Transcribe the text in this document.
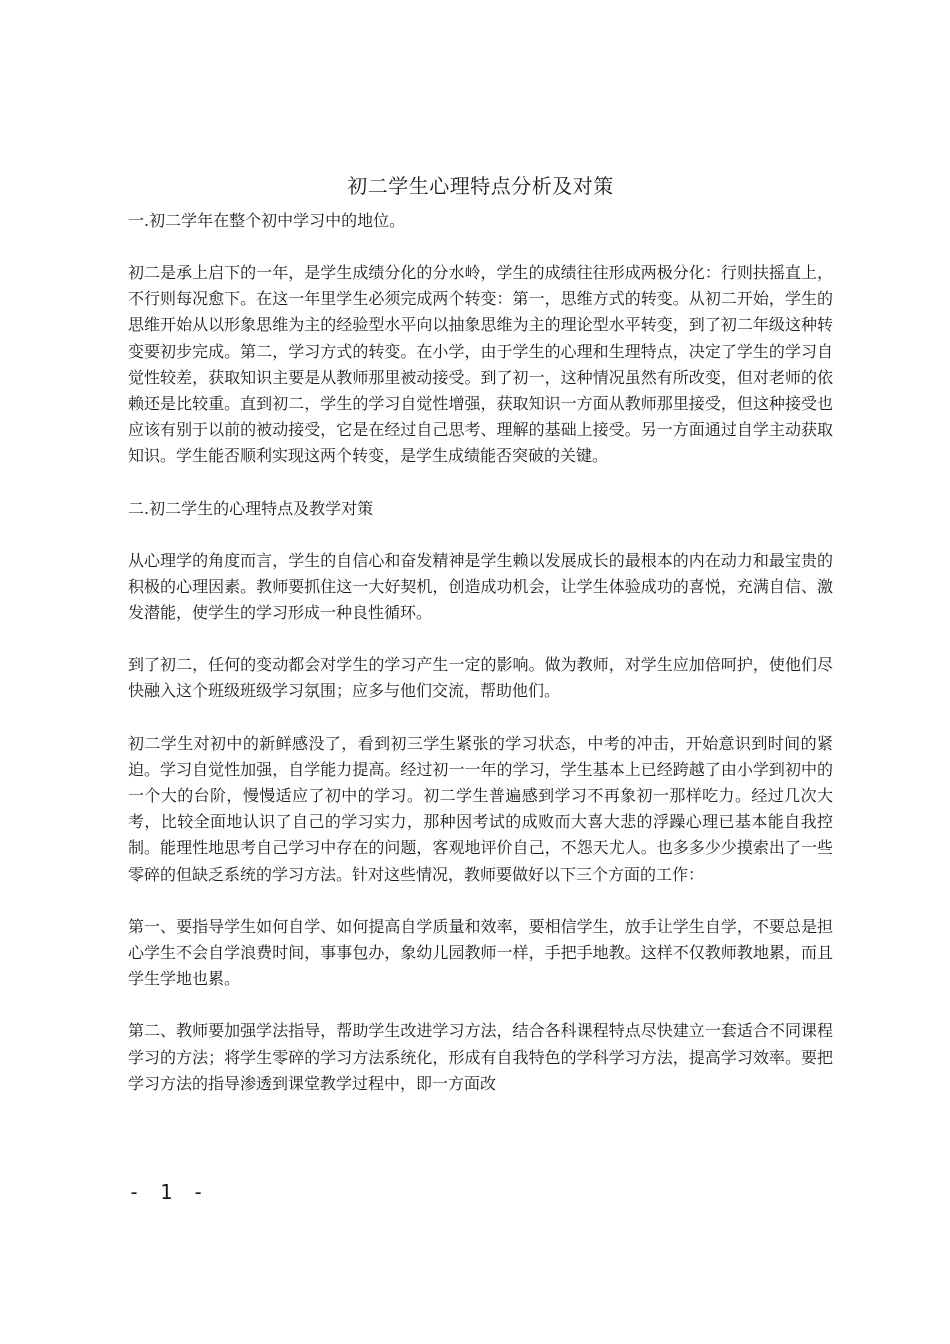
初二学生心理特点分析及对策

一.初二学年在整个初中学习中的地位。

初二是承上启下的一年，是学生成绩分化的分水岭，学生的成绩往往形成两极分化：行则扶摇直上，不行则每况愈下。在这一年里学生必须完成两个转变：第一，思维方式的转变。从初二开始，学生的思维开始从以形象思维为主的经验型水平向以抽象思维为主的理论型水平转变，到了初二年级这种转变要初步完成。第二，学习方式的转变。在小学，由于学生的心理和生理特点，决定了学生的学习自觉性较差，获取知识主要是从教师那里被动接受。到了初一，这种情况虽然有所改变，但对老师的依赖还是比较重。直到初二，学生的学习自觉性增强，获取知识一方面从教师那里接受，但这种接受也应该有别于以前的被动接受，它是在经过自己思考、理解的基础上接受。另一方面通过自学主动获取知识。学生能否顺利实现这两个转变，是学生成绩能否突破的关键。

二.初二学生的心理特点及教学对策

从心理学的角度而言，学生的自信心和奋发精神是学生赖以发展成长的最根本的内在动力和最宝贵的积极的心理因素。教师要抓住这一大好契机，创造成功机会，让学生体验成功的喜悦，充满自信、激发潜能，使学生的学习形成一种良性循环。

到了初二，任何的变动都会对学生的学习产生一定的影响。做为教师，对学生应加倍呵护，使他们尽快融入这个班级班级学习氛围；应多与他们交流，帮助他们。

初二学生对初中的新鲜感没了，看到初三学生紧张的学习状态，中考的冲击，开始意识到时间的紧迫。学习自觉性加强，自学能力提高。经过初一一年的学习，学生基本上已经跨越了由小学到初中的一个大的台阶，慢慢适应了初中的学习。初二学生普遍感到学习不再象初一那样吃力。经过几次大考，比较全面地认识了自己的学习实力，那种因考试的成败而大喜大悲的浮躁心理已基本能自我控制。能理性地思考自己学习中存在的问题，客观地评价自己，不怨天尤人。也多多少少摸索出了一些零碎的但缺乏系统的学习方法。针对这些情况，教师要做好以下三个方面的工作：

第一、要指导学生如何自学、如何提高自学质量和效率，要相信学生，放手让学生自学，不要总是担心学生不会自学浪费时间，事事包办，象幼儿园教师一样，手把手地教。这样不仅教师教地累，而且学生学地也累。

第二、教师要加强学法指导，帮助学生改进学习方法，结合各科课程特点尽快建立一套适合不同课程学习的方法；将学生零碎的学习方法系统化，形成有自我特色的学科学习方法，提高学习效率。要把学习方法的指导渗透到课堂教学过程中，即一方面改

- 1 -
